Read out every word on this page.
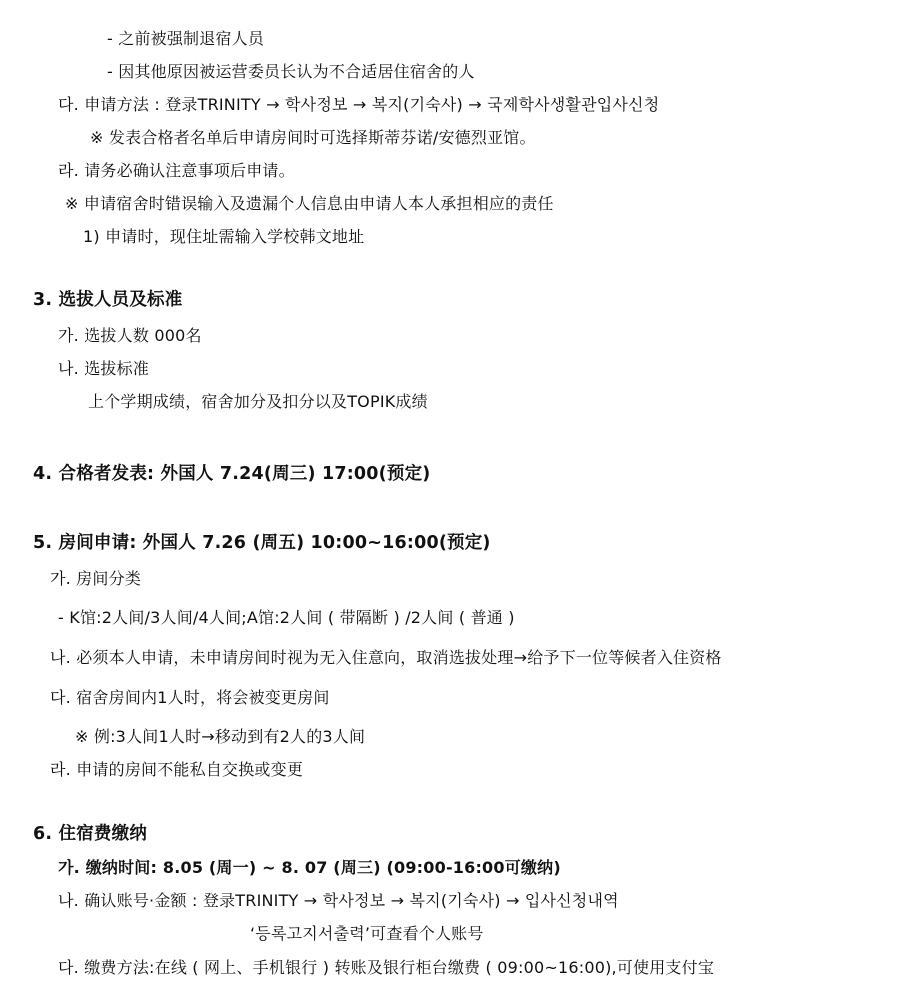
- 之前被强制退宿人员
- 因其他原因被运营委员长认为不合适居住宿舍的人
다. 申请方法 : 登录TRINITY → 학사정보 → 복지(기숙사) → 국제학사생활관입사신청
※ 发表合格者名单后申请房间时可选择斯蒂芬诺/安德烈亚馆。
라. 请务必确认注意事项后申请。
※ 申请宿舍时错误输入及遗漏个人信息由申请人本人承担相应的责任
1) 申请时，现住址需输入学校韩文地址
3. 选拔人员及标准
가. 选拔人数 000名
나. 选拔标准
上个学期成绩，宿舍加分及扣分以及TOPIK成绩
4. 合格者发表: 外国人 7.24(周三) 17:00(预定)
5. 房间申请: 外国人 7.26 (周五) 10:00~16:00(预定)
가. 房间分类
- K馆:2人间/3人间/4人间;A馆:2人间 ( 带隔断 ) /2人间 ( 普通 )
나. 必须本人申请，未申请房间时视为无入住意向，取消选拔处理→给予下一位等候者入住资格
다. 宿舍房间内1人时，将会被变更房间
※ 例:3人间1人时→移动到有2人的3人间
라. 申请的房间不能私自交换或变更
6. 住宿费缴纳
가. 缴纳时间: 8.05 (周一) ~ 8. 07 (周三) (09:00-16:00可缴纳)
나. 确认账号·金额 : 登录TRINITY → 학사정보 → 복지(기숙사) → 입사신청내역
‘등록고지서출력’可查看个人账号
다. 缴费方法:在线 ( 网上、手机银行 ) 转账及银行柜台缴费 ( 09:00~16:00),可使用支付宝
